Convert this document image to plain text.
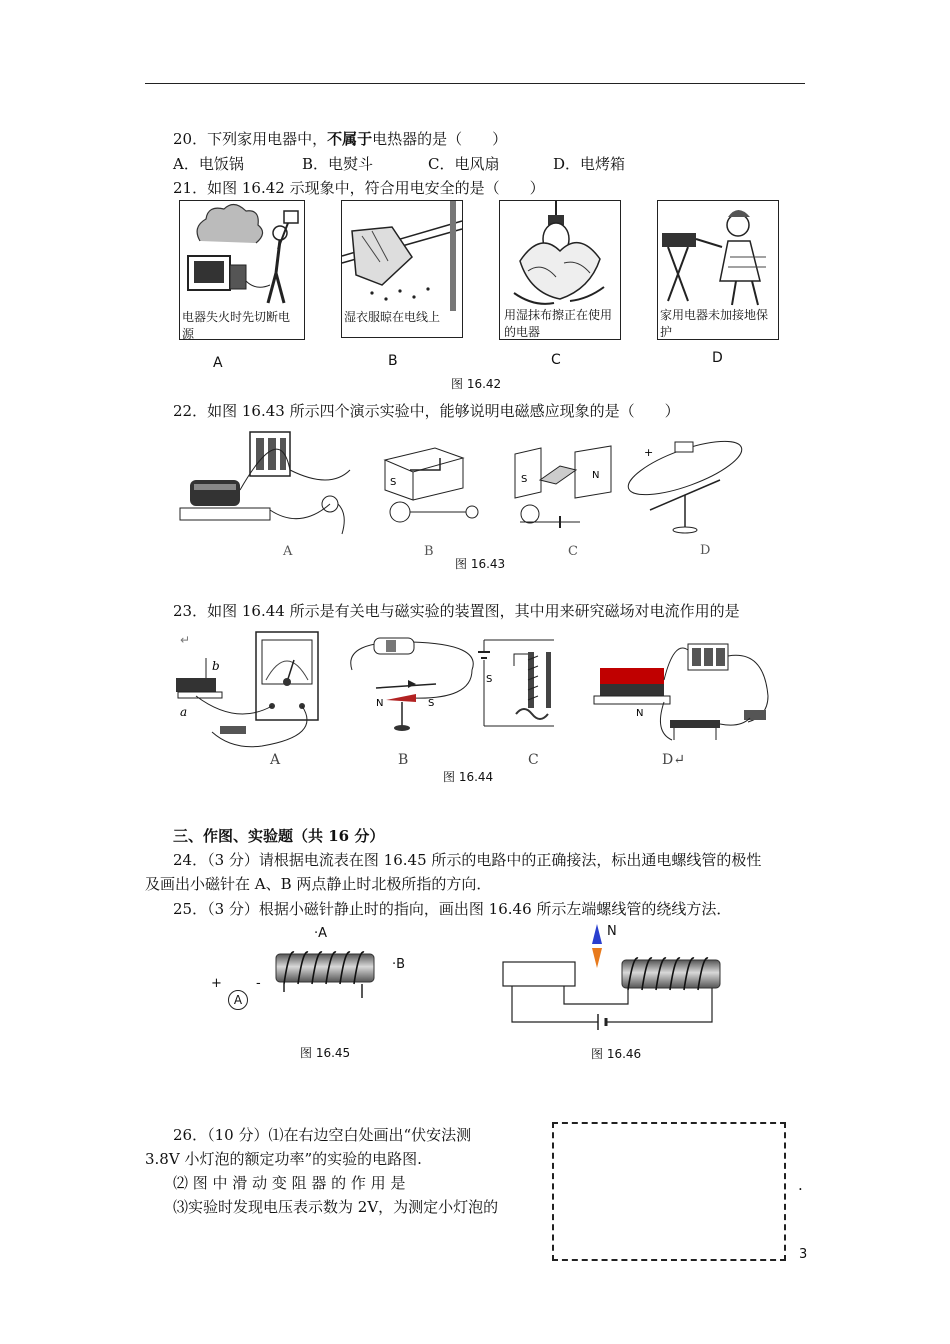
20．下列家用电器中，不属于电热器的是（　　）
A．电饭锅	B．电熨斗	C．电风扇	D．电烤箱
21．如图 16.42 示现象中，符合用电安全的是（　　）
电器失火时先切断电源
湿衣服晾在电线上	用湿抹布擦正在使用的电器
家用电器未加接地保护
A	B	C	D
图 16.42
22．如图 16.43 所示四个演示实验中，能够说明电磁感应现象的是（　　）
S	S	N
+
A	B	C	D
图 16.43
23．如图 16.44 所示是有关电与磁实验的装置图，其中用来研究磁场对电流作用的是
↵
b
a
N	S
S
N
A	B	C	D↵
图 16.44
三、作图、实验题（共 16 分）
24．（3 分）请根据电流表在图 16.45 所示的电路中的正确接法，标出通电螺线管的极性
及画出小磁针在 A、B 两点静止时北极所指的方向．
25．（3 分）根据小磁针静止时的指向，画出图 16.46 所示左端螺线管的绕线方法．
·A
·B
+	-
A
图 16.45
N
图 16.46
26．（10 分）⑴在右边空白处画出“伏安法测
3.8V 小灯泡的额定功率”的实验的电路图.
⑵ 图 中 滑 动 变 阻 器 的 作 用 是
⑶实验时发现电压表示数为 2V，为测定小灯泡的
.
3
